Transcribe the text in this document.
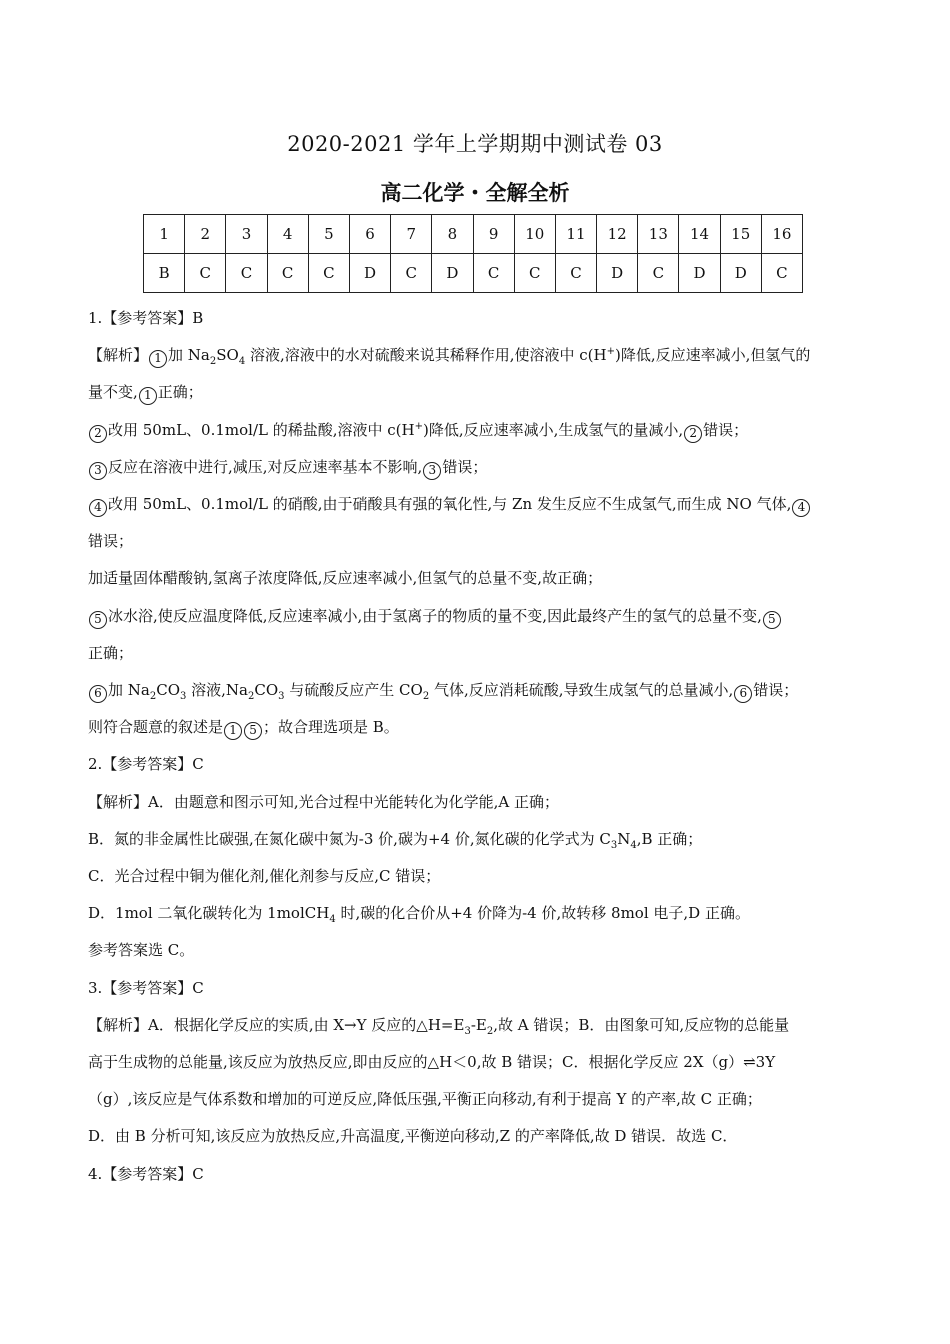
2020-2021 学年上学期期中测试卷 03
高二化学・全解全析
1	2	3	4	5	6	7	8	9	10	11	12	13	14	15	16
B	C	C	C	C	D	C	D	C	C	C	D	C	D	D	C

1.【参考答案】B

【解析】 1 加 $Na_2SO_4$ 溶液,溶液中的水对硫酸来说其稀释作用,使溶液中 c(H+)降低,反应速率减小,但氢气的

量不变, 1 正确；

2 改用 50mL、0.1mol/L 的稀盐酸,溶液中 c(H+)降低,反应速率减小,生成氢气的量减小, 2 错误；

3 反应在溶液中进行,减压,对反应速率基本不影响, 3 错误；

4 改用 50mL、0.1mol/L 的硝酸,由于硝酸具有强的氧化性,与 Zn 发生反应不生成氢气,而生成 NO 气体, 4

错误；

加适量固体醋酸钠,氢离子浓度降低,反应速率减小,但氢气的总量不变,故正确；

5 冰水浴,使反应温度降低,反应速率减小,由于氢离子的物质的量不变,因此最终产生的氢气的总量不变, 5

正确；

6 加 $Na_2CO_3$ 溶液$,Na_2CO_3$ 与硫酸反应产生 $CO_2$ 气体,反应消耗硫酸,导致生成氢气的总量减小, 6 错误；

则符合题意的叙述是 1 5 ；故合理选项是 B。

2.【参考答案】C

【解析】A．由题意和图示可知,光合过程中光能转化为化学能,A 正确；

B．氮的非金属性比碳强,在氮化碳中氮为-3 价,碳为+4 价,氮化碳的化学式为 $C_3N_4,B$ 正确；

C．光合过程中铜为催化剂,催化剂参与反应,C 错误；

D．1mol 二氧化碳转化为 1molCH$_4$ 时,碳的化合价从+4 价降为-4 价,故转移 8mol 电子,D 正确。

参考答案选 C。

3.【参考答案】C

【解析】A．根据化学反应的实质,由 X→Y 反应的$\triangle H=E_3-E_2$,故 A 错误；B．由图象可知,反应物的总能量

高于生成物的总能量,该反应为放热反应,即由反应的△H＜0,故 B 错误；C．根据化学反应 2X（g）⇌3Y

（g）,该反应是气体系数和增加的可逆反应,降低压强,平衡正向移动,有利于提高 Y 的产率,故 C 正确；

D．由 B 分析可知,该反应为放热反应,升高温度,平衡逆向移动,Z 的产率降低,故 D 错误．故选 C．

4.【参考答案】C
